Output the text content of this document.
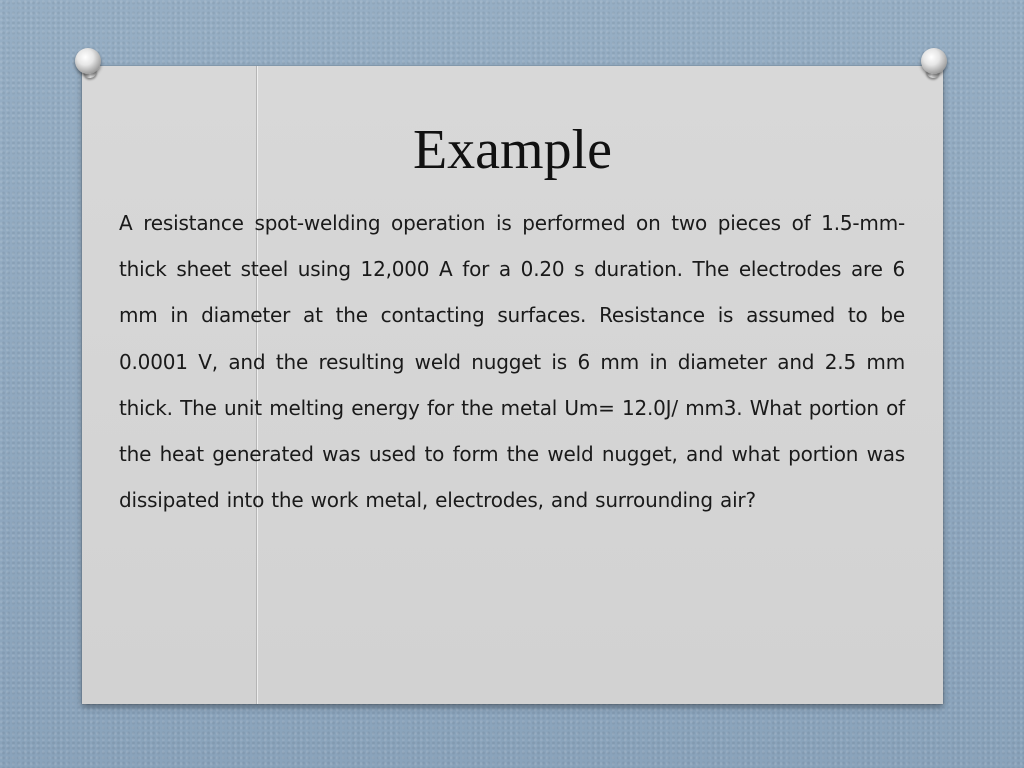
Example

A resistance spot-welding operation is performed on two pieces of 1.5-mm-thick sheet steel using 12,000 A for a 0.20 s duration. The electrodes are 6 mm in diameter at the contacting surfaces. Resistance is assumed to be 0.0001 V, and the resulting weld nugget is 6 mm in diameter and 2.5 mm thick. The unit melting energy for the metal Um= 12.0J/ mm3. What portion of the heat generated was used to form the weld nugget, and what portion was dissipated into the work metal, electrodes, and surrounding air?
